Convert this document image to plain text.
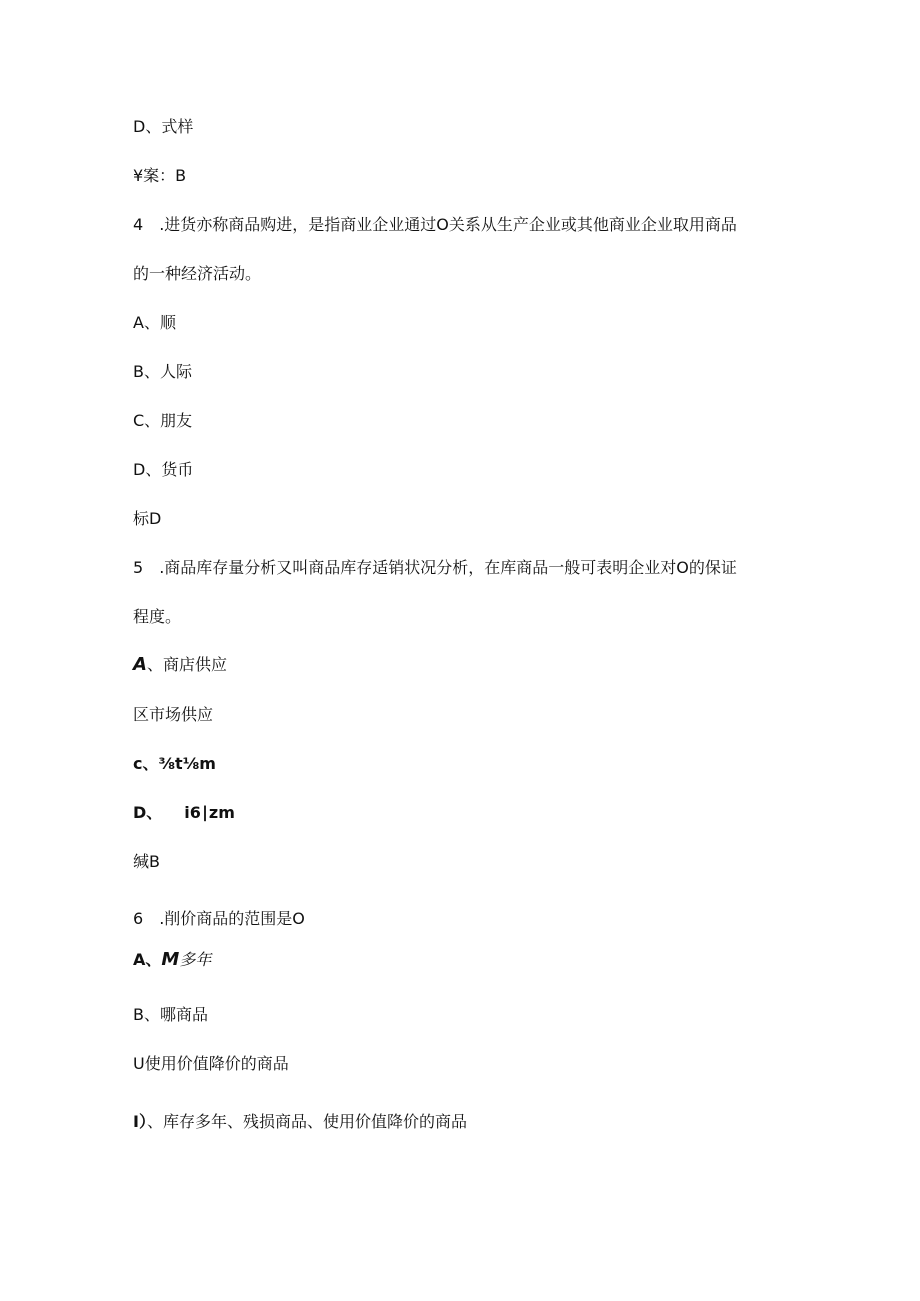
D、式样
¥案：B
4 .进货亦称商品购进，是指商业企业通过O关系从生产企业或其他商业企业取用商品
的一种经济活动。
A、顺
B、人际
C、朋友
D、货币
标D
5 .商品库存量分析又叫商品库存适销状况分析，在库商品一般可表明企业对O的保证
程度。
A、商店供应
区市场供应
c、⅜t⅛m
D、 i6∣zm
缄B
6 .削价商品的范围是O
A、M多年
B、哪商品
U使用价值降价的商品
I）、库存多年、残损商品、使用价值降价的商品
